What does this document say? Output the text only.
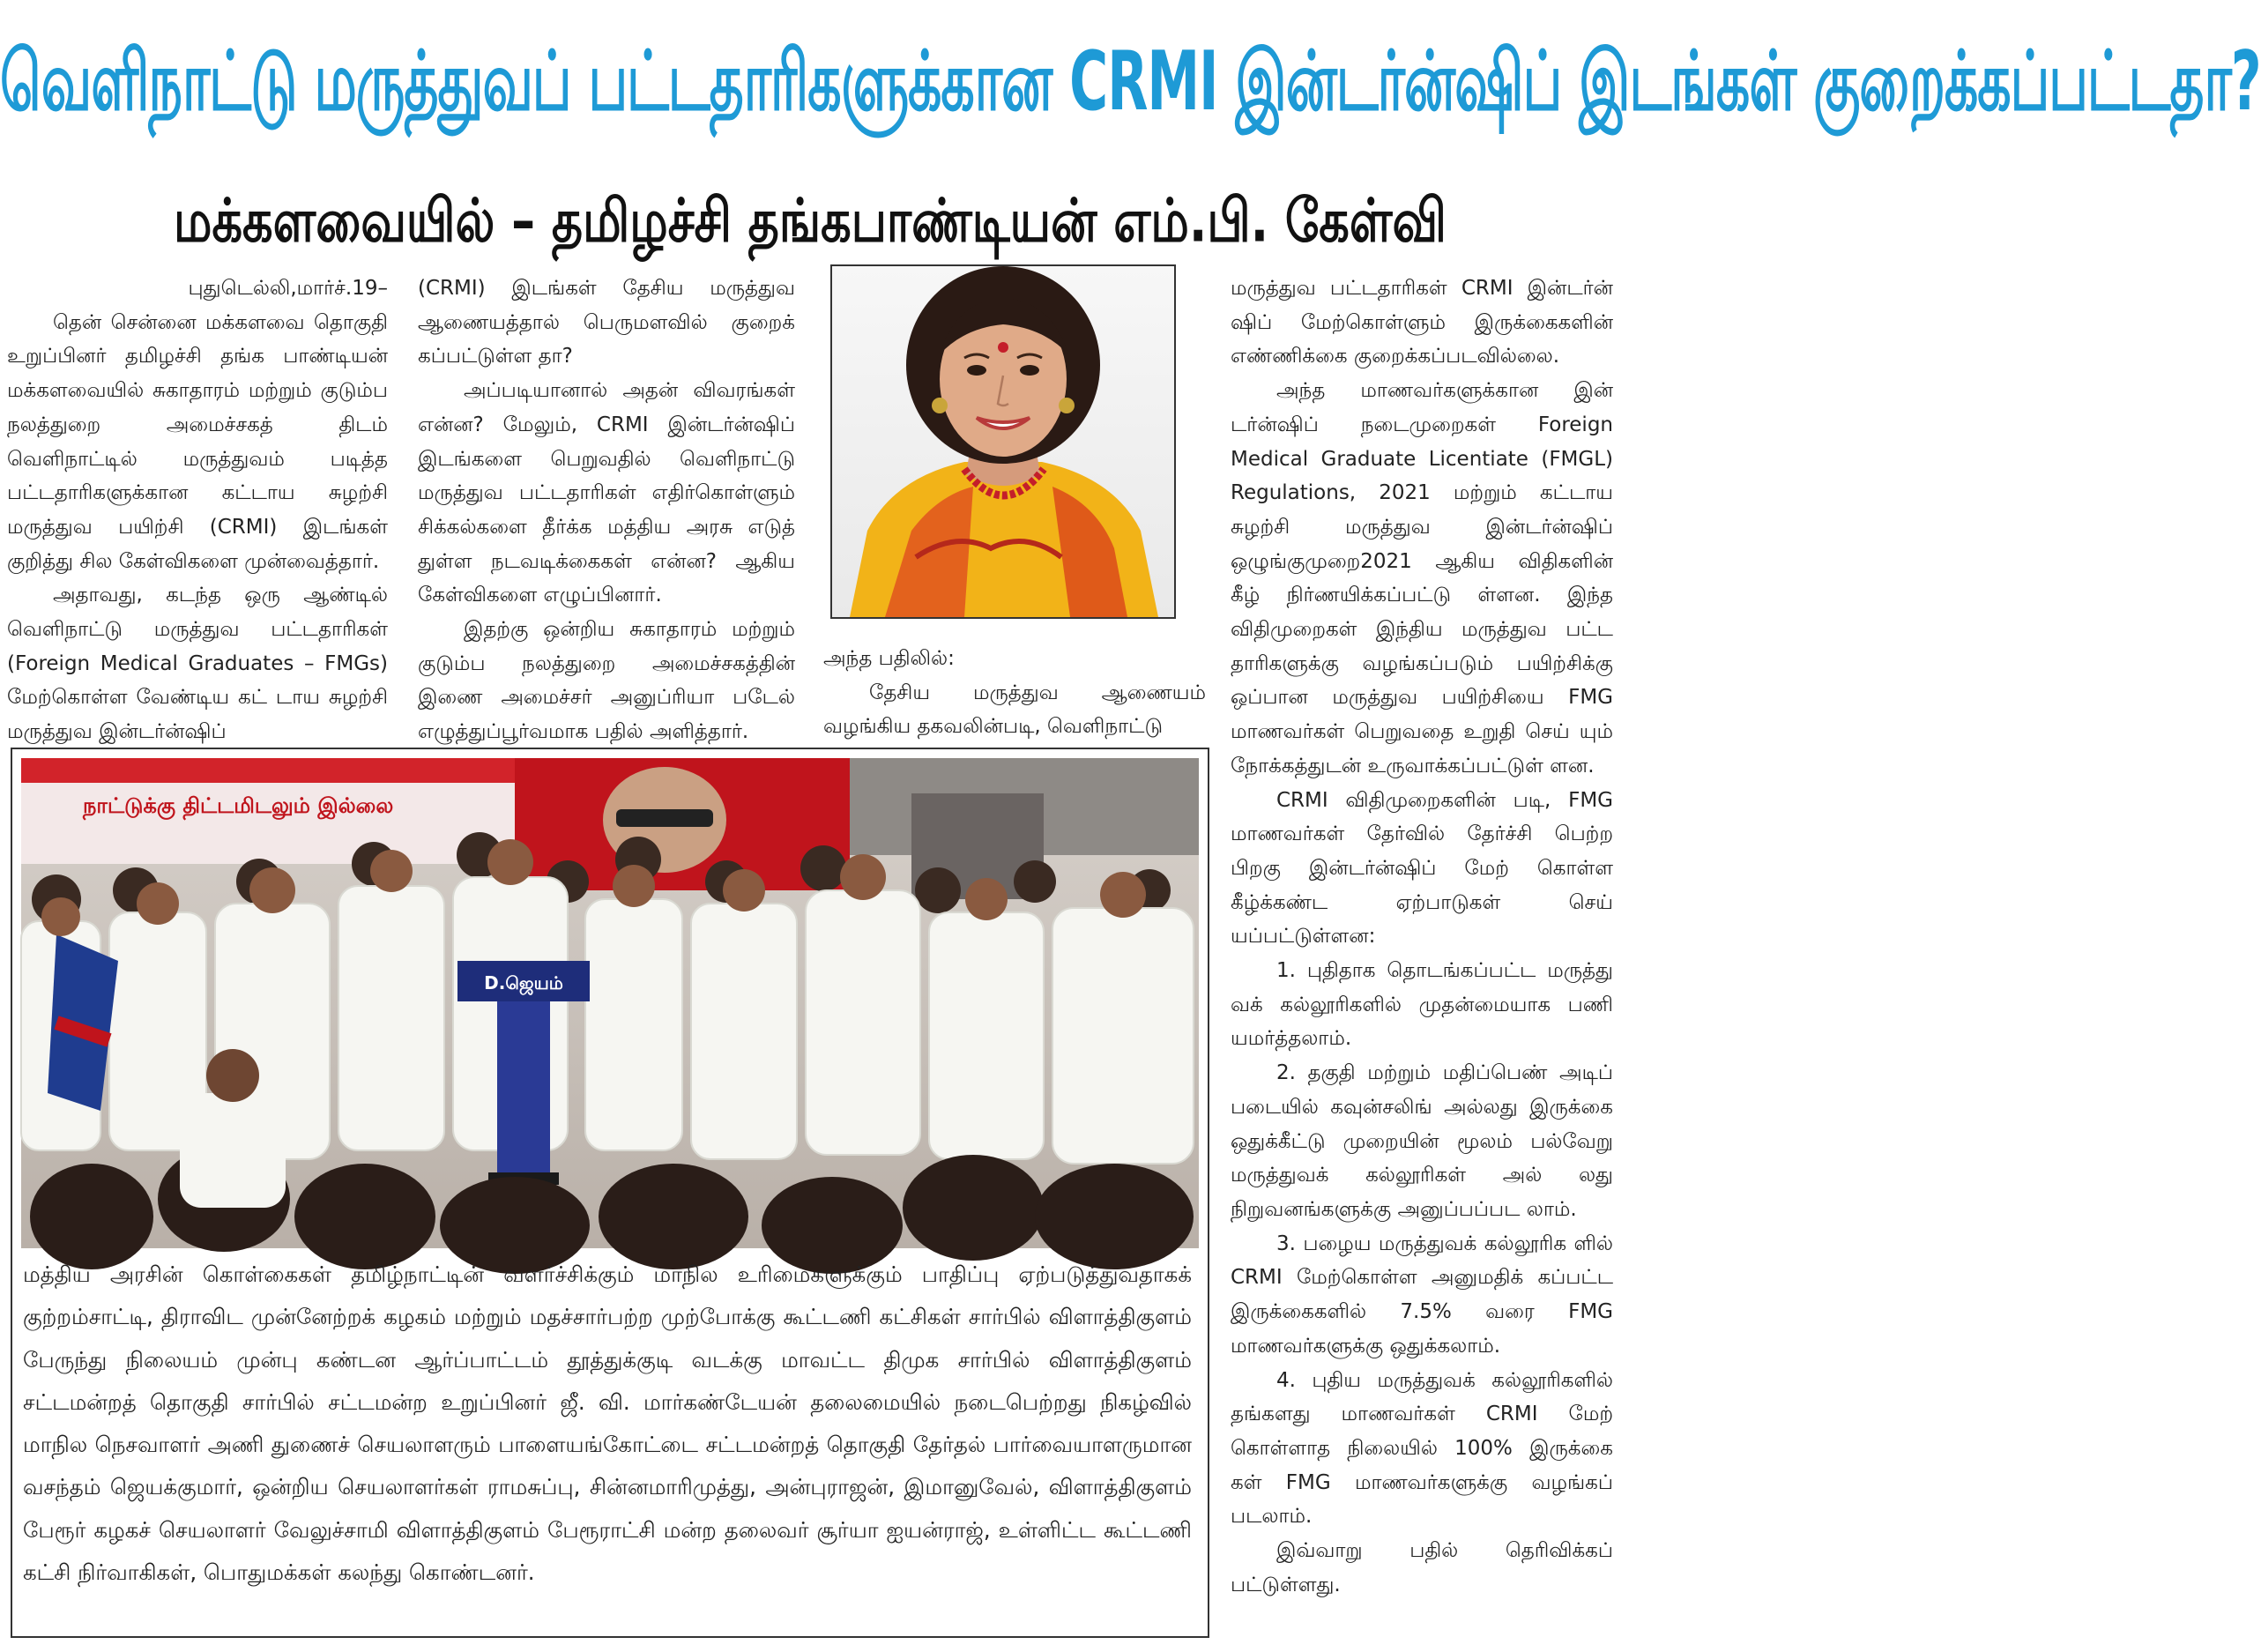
வெளிநாட்டு மருத்துவப் பட்டதாரிகளுக்கான CRMI இன்டர்ன்ஷிப் இடங்கள் குறைக்கப்பட்டதா?
மக்களவையில் – தமிழச்சி தங்கபாண்டியன் எம்.பி. கேள்வி

புதுடெல்லி,மார்ச்.19–

தென் சென்னை மக்களவை தொகுதி உறுப்பினர் தமிழச்சி தங்க பாண்டியன் மக்களவையில் சுகாதாரம் மற்றும் குடும்ப நலத்துறை அமைச்சகத் திடம் வெளிநாட்டில் மருத்துவம் படித்த பட்டதாரிகளுக்கான கட்டாய சுழற்சி மருத்துவ பயிற்சி (CRMI) இடங்கள் குறித்து சில கேள்விகளை முன்வைத்தார்.

அதாவது, கடந்த ஒரு ஆண்டில் வெளிநாட்டு மருத்துவ பட்டதாரிகள் (Foreign Medical Graduates – FMGs) மேற்கொள்ள வேண்டிய கட் டாய சுழற்சி மருத்துவ இன்டர்ன்ஷிப்

(CRMI) இடங்கள் தேசிய மருத்துவ ஆணையத்தால் பெருமளவில் குறைக் கப்பட்டுள்ள தா?

அப்படியானால் அதன் விவரங்கள் என்ன? மேலும், CRMI இன்டர்ன்ஷிப் இடங்களை பெறுவதில் வெளிநாட்டு மருத்துவ பட்டதாரிகள் எதிர்கொள்ளும் சிக்கல்களை தீர்க்க மத்திய அரசு எடுத் துள்ள நடவடிக்கைகள் என்ன? ஆகிய கேள்விகளை எழுப்பினார்.

இதற்கு ஒன்றிய சுகாதாரம் மற்றும் குடும்ப நலத்துறை அமைச்சகத்தின் இணை அமைச்சர் அனுப்ரியா படேல் எழுத்துப்பூர்வமாக பதில் அளித்தார்.

அந்த பதிலில்:

தேசிய மருத்துவ ஆணையம் வழங்கிய தகவலின்படி, வெளிநாட்டு

மருத்துவ பட்டதாரிகள் CRMI இன்டர்ன் ஷிப் மேற்கொள்ளும் இருக்கைகளின் எண்ணிக்கை குறைக்கப்படவில்லை.

அந்த மாணவர்களுக்கான இன் டர்ன்ஷிப் நடைமுறைகள் Foreign Medical Graduate Licentiate (FMGL) Regulations, 2021 மற்றும் கட்டாய சுழற்சி மருத்துவ இன்டர்ன்ஷிப் ஒழுங்குமுறை2021 ஆகிய விதிகளின் கீழ் நிர்ணயிக்கப்பட்டு ள்ளன. இந்த விதிமுறைகள் இந்திய மருத்துவ பட்ட தாரிகளுக்கு வழங்கப்படும் பயிற்சிக்கு ஒப்பான மருத்துவ பயிற்சியை FMG மாணவர்கள் பெறுவதை உறுதி செய் யும் நோக்கத்துடன் உருவாக்கப்பட்டுள் ளன.

CRMI விதிமுறைகளின் படி, FMG மாணவர்கள் தேர்வில் தேர்ச்சி பெற்ற பிறகு இன்டர்ன்ஷிப் மேற் கொள்ள கீழ்க்கண்ட ஏற்பாடுகள் செய் யப்பட்டுள்ளன:

1. புதிதாக தொடங்கப்பட்ட மருத்து வக் கல்லூரிகளில் முதன்மையாக பணி யமர்த்தலாம்.

2. தகுதி மற்றும் மதிப்பெண் அடிப் படையில் கவுன்சலிங் அல்லது இருக்கை ஒதுக்கீட்டு முறையின் மூலம் பல்வேறு மருத்துவக் கல்லூரிகள் அல் லது நிறுவனங்களுக்கு அனுப்பப்பட லாம்.

3. பழைய மருத்துவக் கல்லூரிக ளில் CRMI மேற்கொள்ள அனுமதிக் கப்பட்ட இருக்கைகளில் 7.5% வரை FMG மாணவர்களுக்கு ஒதுக்கலாம்.

4. புதிய மருத்துவக் கல்லூரிகளில் தங்களது மாணவர்கள் CRMI மேற் கொள்ளாத நிலையில் 100% இருக்கை கள் FMG மாணவர்களுக்கு வழங்கப் படலாம்.

இவ்வாறு பதில் தெரிவிக்கப் பட்டுள்ளது.

நாட்டுக்கு திட்டமிடலும் இல்லை
D.ஜெயம்

மத்திய அரசின் கொள்கைகள் தமிழ்நாட்டின் வளர்ச்சிக்கும் மாநில உரிமைகளுக்கும் பாதிப்பு ஏற்படுத்துவதாகக் குற்றம்சாட்டி, திராவிட முன்னேற்றக் கழகம் மற்றும் மதச்சார்பற்ற முற்போக்கு கூட்டணி கட்சிகள் சார்பில் விளாத்திகுளம் பேருந்து நிலையம் முன்பு கண்டன ஆர்ப்பாட்டம் தூத்துக்குடி வடக்கு மாவட்ட திமுக சார்பில் விளாத்திகுளம் சட்டமன்றத் தொகுதி சார்பில் சட்டமன்ற உறுப்பினர் ஜீ. வி. மார்கண்டேயன் தலைமையில் நடைபெற்றது நிகழ்வில் மாநில நெசவாளர் அணி துணைச் செயலாளரும் பாளையங்கோட்டை சட்டமன்றத் தொகுதி தேர்தல் பார்வையாளருமான வசந்தம் ஜெயக்குமார், ஒன்றிய செயலாளர்கள் ராமசுப்பு, சின்னமாரிமுத்து, அன்புராஜன், இமானுவேல், விளாத்திகுளம் பேரூர் கழகச் செயலாளர் வேலுச்சாமி விளாத்திகுளம் பேரூராட்சி மன்ற தலைவர் சூர்யா ஐயன்ராஜ், உள்ளிட்ட கூட்டணி கட்சி நிர்வாகிகள், பொதுமக்கள் கலந்து கொண்டனர்.
